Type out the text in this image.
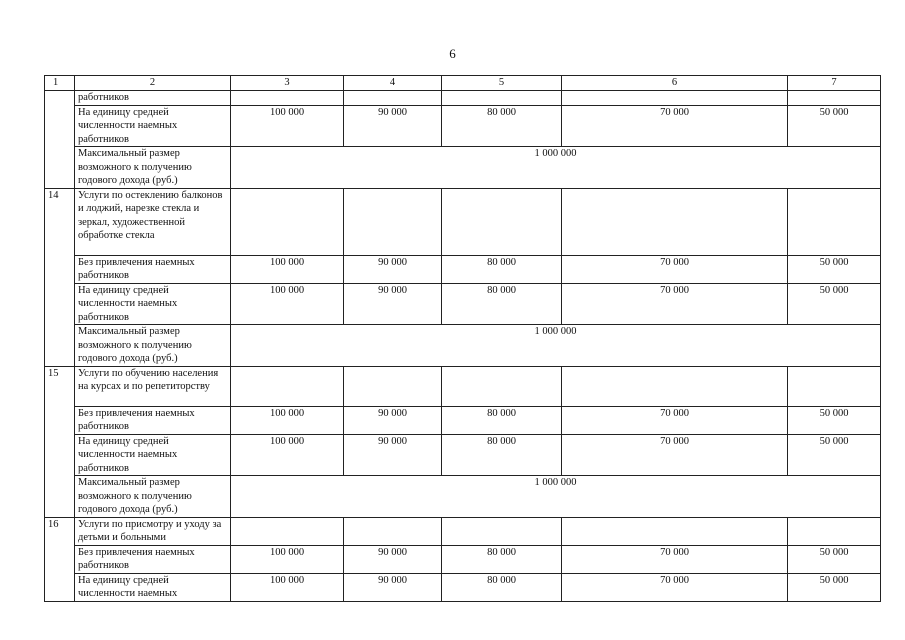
6
1	2	3	4	5	6	7
	работников					
	На единицу средней численности наемных работников	100 000	90 000	80 000	70 000	50 000
	Максимальный размер возможного к получению годового дохода (руб.)	1 000 000				
14	Услуги по остеклению балконов и лоджий, нарезке стекла и зеркал, художественной обработке стекла					
	Без привлечения наемных работников	100 000	90 000	80 000	70 000	50 000
	На единицу средней численности наемных работников	100 000	90 000	80 000	70 000	50 000
	Максимальный размер возможного к получению годового дохода (руб.)	1 000 000				
15	Услуги по обучению населения на курсах и по репетиторству					
	Без привлечения наемных работников	100 000	90 000	80 000	70 000	50 000
	На единицу средней численности наемных работников	100 000	90 000	80 000	70 000	50 000
	Максимальный размер возможного к получению годового дохода (руб.)	1 000 000				
16	Услуги по присмотру и уходу за детьми и больными					
	Без привлечения наемных работников	100 000	90 000	80 000	70 000	50 000
	На единицу средней численности наемных	100 000	90 000	80 000	70 000	50 000
